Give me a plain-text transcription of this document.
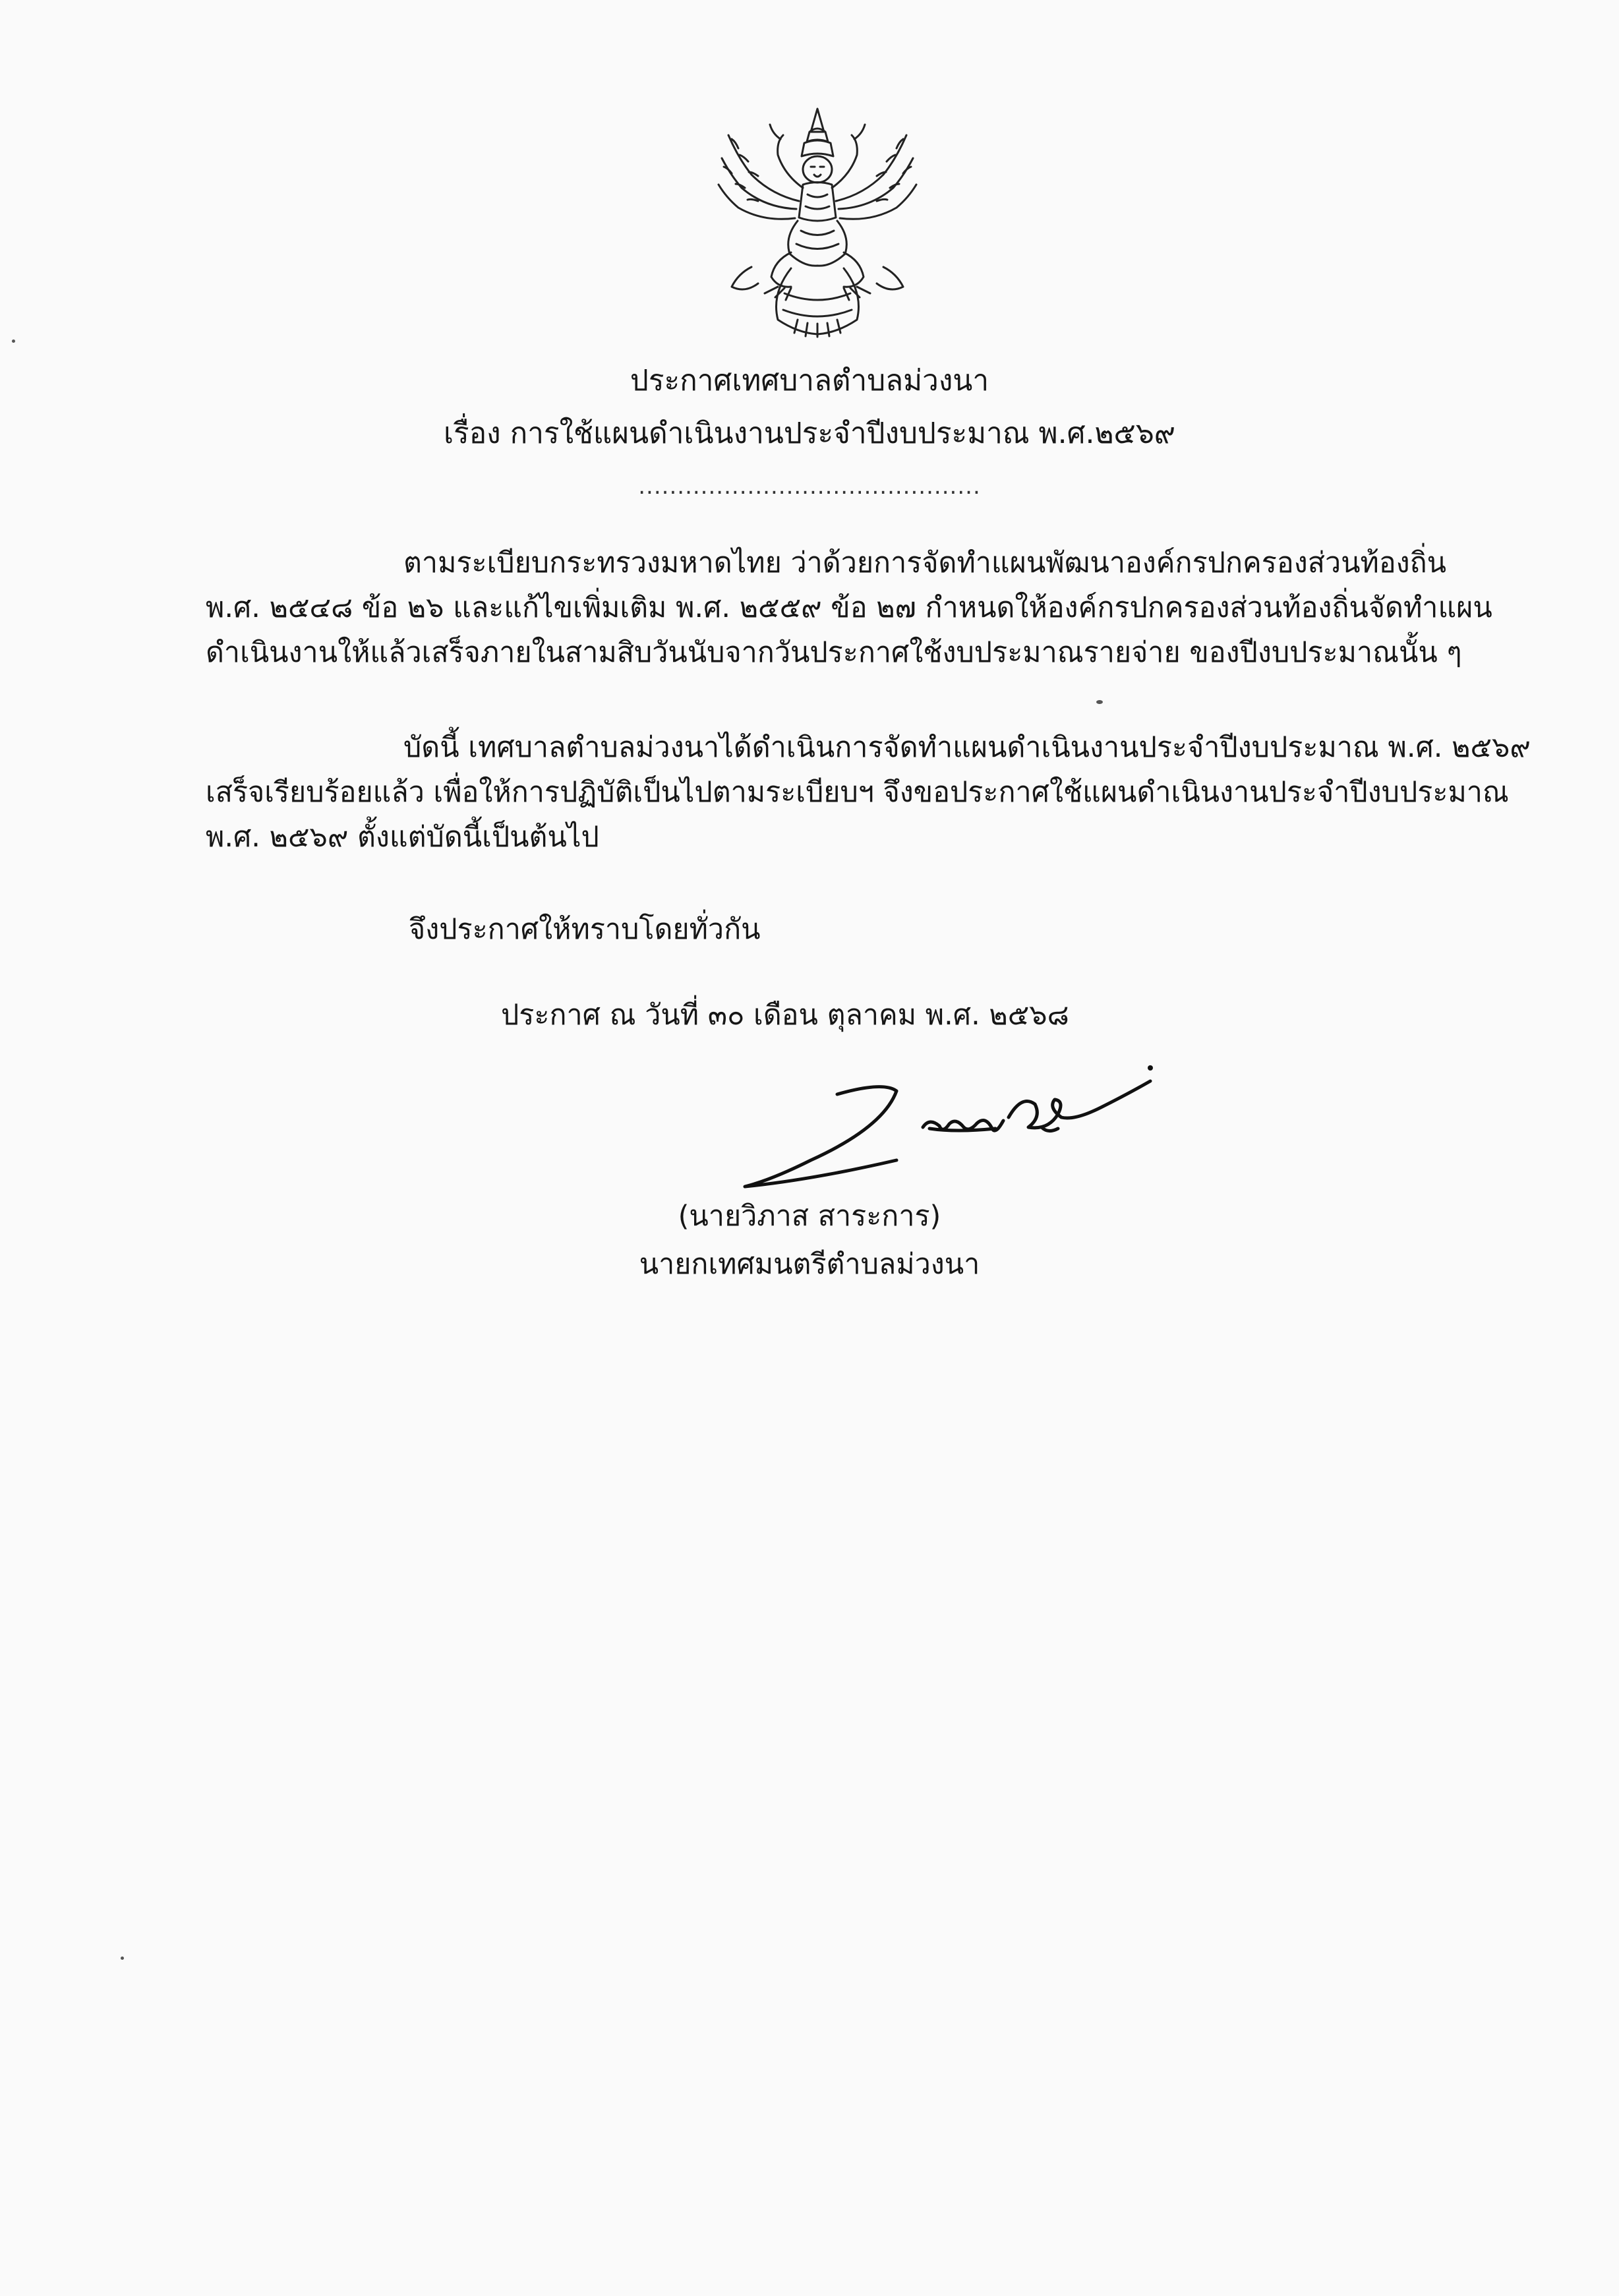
ประกาศเทศบาลตำบลม่วงนา
เรื่อง การใช้แผนดำเนินงานประจำปีงบประมาณ พ.ศ.๒๕๖๙
............................................
ตามระเบียบกระทรวงมหาดไทย ว่าด้วยการจัดทำแผนพัฒนาองค์กรปกครองส่วนท้องถิ่น
พ.ศ. ๒๕๔๘ ข้อ ๒๖ และแก้ไขเพิ่มเติม พ.ศ. ๒๕๕๙ ข้อ ๒๗ กำหนดให้องค์กรปกครองส่วนท้องถิ่นจัดทำแผน
ดำเนินงานให้แล้วเสร็จภายในสามสิบวันนับจากวันประกาศใช้งบประมาณรายจ่าย ของปีงบประมาณนั้น ๆ
บัดนี้ เทศบาลตำบลม่วงนาได้ดำเนินการจัดทำแผนดำเนินงานประจำปีงบประมาณ พ.ศ. ๒๕๖๙
เสร็จเรียบร้อยแล้ว เพื่อให้การปฏิบัติเป็นไปตามระเบียบฯ จึงขอประกาศใช้แผนดำเนินงานประจำปีงบประมาณ
พ.ศ. ๒๕๖๙ ตั้งแต่บัดนี้เป็นต้นไป
จึงประกาศให้ทราบโดยทั่วกัน
ประกาศ ณ วันที่ ๓๐ เดือน ตุลาคม พ.ศ. ๒๕๖๘
(นายวิภาส สาระการ)
นายกเทศมนตรีตำบลม่วงนา
